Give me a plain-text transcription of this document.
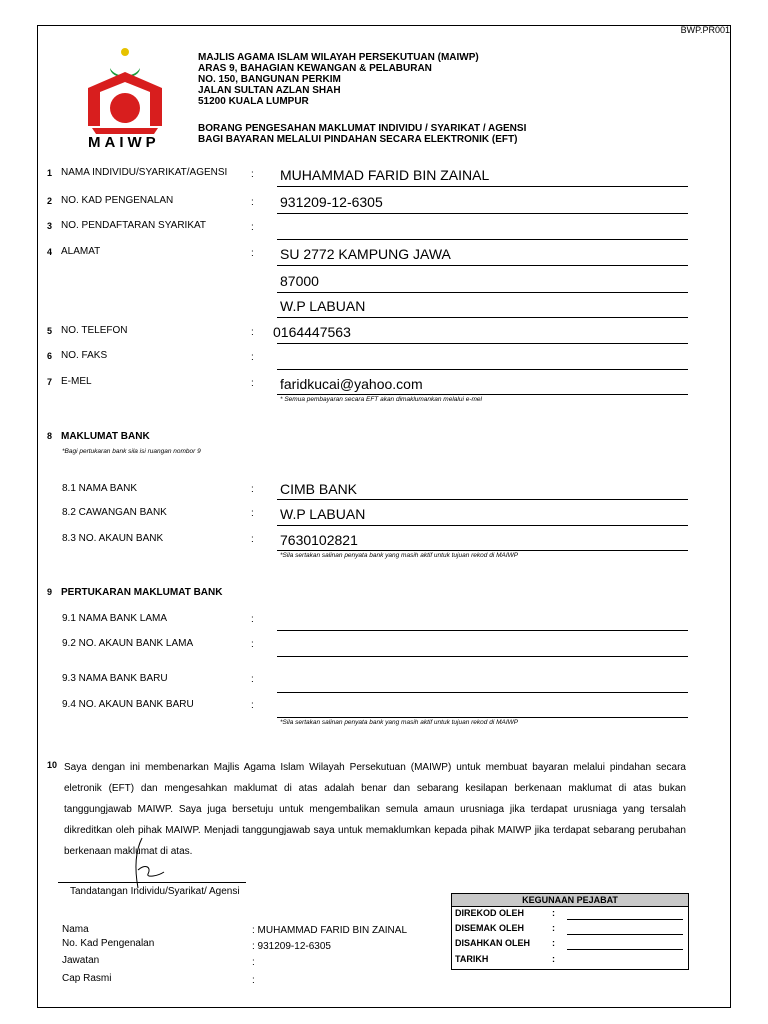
BWP.PR001
MAIWP
MAJLIS AGAMA ISLAM WILAYAH PERSEKUTUAN (MAIWP)
ARAS 9, BAHAGIAN KEWANGAN & PELABURAN
NO. 150, BANGUNAN PERKIM
JALAN SULTAN AZLAN SHAH
51200 KUALA LUMPUR
BORANG PENGESAHAN MAKLUMAT INDIVIDU / SYARIKAT / AGENSI
BAGI BAYARAN MELALUI PINDAHAN SECARA ELEKTRONIK (EFT)
1 NAMA INDIVIDU/SYARIKAT/AGENSI : MUHAMMAD FARID BIN ZAINAL
2 NO. KAD PENGENALAN	: 931209-12-6305
3 NO. PENDAFTARAN SYARIKAT	:
4 ALAMAT	: SU 2772 KAMPUNG JAWA
87000
W.P LABUAN
5 NO. TELEFON	: 0164447563
6 NO. FAKS	:
7 E-MEL	: faridkucai@yahoo.com
* Semua pembayaran secara EFT akan dimaklumankan melalui e-mel
8 MAKLUMAT BANK
*Bagi pertukaran bank sila isi ruangan nombor 9
8.1 NAMA BANK	: CIMB BANK
8.2 CAWANGAN BANK	: W.P LABUAN
8.3 NO. AKAUN BANK	: 7630102821
*Sila sertakan salinan penyata bank yang masih aktif untuk tujuan rekod di MAIWP
9 PERTUKARAN MAKLUMAT BANK
9.1 NAMA BANK LAMA	:
9.2 NO. AKAUN BANK LAMA	:
9.3 NAMA BANK BARU	:
9.4 NO. AKAUN BANK BARU	:
*Sila sertakan salinan penyata bank yang masih aktif untuk tujuan rekod di MAIWP
10 Saya dengan ini membenarkan Majlis Agama Islam Wilayah Persekutuan (MAIWP) untuk membuat bayaran melalui pindahan secara eletronik (EFT) dan mengesahkan maklumat di atas adalah benar dan sebarang kesilapan berkenaan maklumat di atas bukan tanggungjawab MAIWP. Saya juga bersetuju untuk mengembalikan semula amaun urusniaga jika terdapat urusniaga yang tersalah dikreditkan oleh pihak MAIWP. Menjadi tanggungjawab saya untuk memaklumkan kepada pihak MAIWP jika terdapat sebarang perubahan berkenaan maklumat di atas.
Tandatangan Individu/Syarikat/ Agensi
Nama	: MUHAMMAD FARID BIN ZAINAL
No. Kad Pengenalan	: 931209-12-6305
Jawatan	:
Cap Rasmi	:
KEGUNAAN PEJABAT
DIREKOD OLEH	:
DISEMAK OLEH	:
DISAHKAN OLEH :
TARIKH	:
